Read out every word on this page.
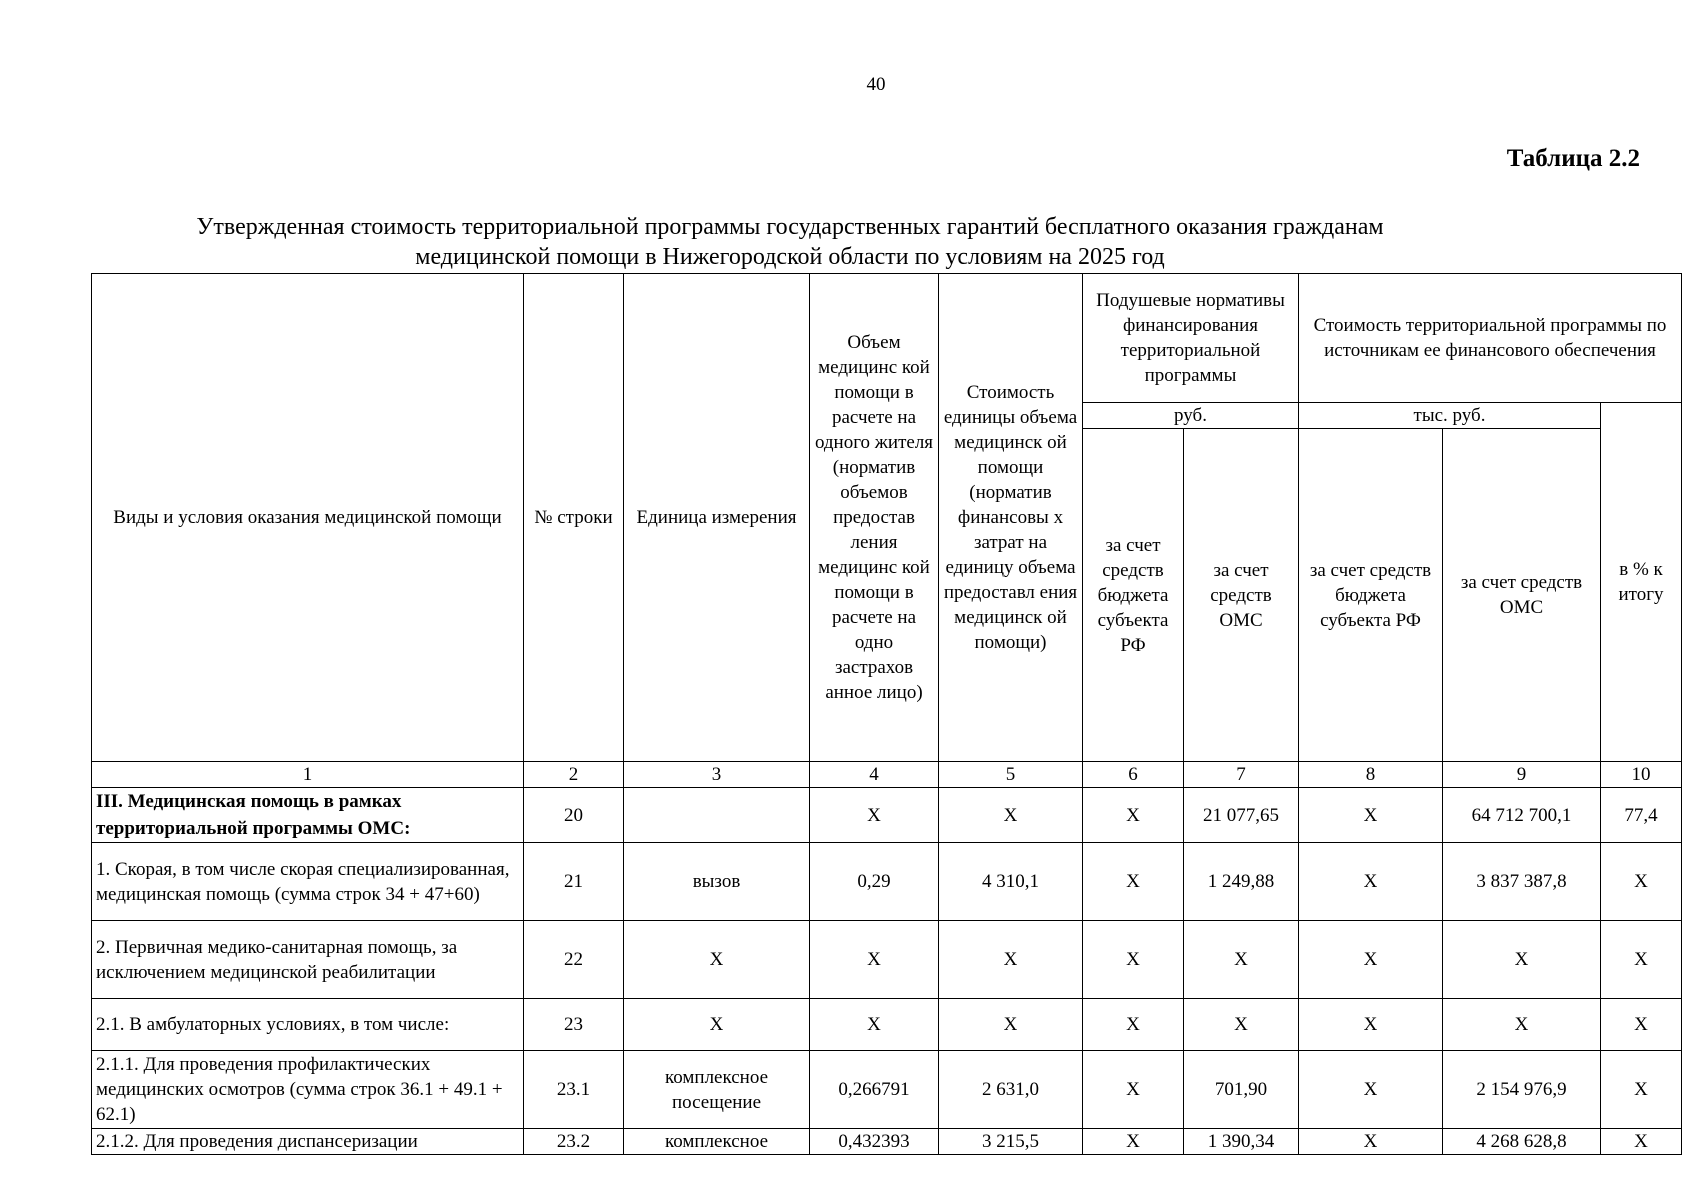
40
Таблица 2.2
Утвержденная стоимость территориальной программы государственных гарантий бесплатного оказания гражданам
медицинской помощи в Нижегородской области по условиям на 2025 год
Виды и условия оказания медицинской помощи	№ строки	Единица измерения	Объем медицинс кой помощи в расчете на одного жителя (норматив объемов предостав ления медицинс кой помощи в расчете на одно застрахов анное лицо)	Стоимость единицы объема медицинск ой помощи (норматив финансовы х затрат на единицу объема предоставл ения медицинск ой помощи)	Подушевые нормативы финансирования территориальной программы		Стоимость территориальной программы по источникам ее финансового обеспечения		
					руб.		тыс. руб.		в % к итогу
					за счет средств бюджета субъекта РФ	за счет средств ОМС	за счет средств бюджета субъекта РФ	за счет средств ОМС	

1	2	3	4	5	6	7	8	9	10
III. Медицинская помощь в рамках территориальной программы ОМС:	20		X	X	X	21 077,65	X	64 712 700,1	77,4
1. Скорая, в том числе скорая специализированная, медицинская помощь (сумма строк 34 + 47+60)	21	вызов	0,29	4 310,1	X	1 249,88	X	3 837 387,8	X
2. Первичная медико-санитарная помощь, за исключением медицинской реабилитации	22	X	X	X	X	X	X	X	X
2.1. В амбулаторных условиях, в том числе:	23	X	X	X	X	X	X	X	X
2.1.1. Для проведения профилактических медицинских осмотров (сумма строк 36.1 + 49.1 + 62.1)	23.1	комплексное посещение	0,266791	2 631,0	X	701,90	X	2 154 976,9	X
2.1.2. Для проведения диспансеризации	23.2	комплексное	0,432393	3 215,5	X	1 390,34	X	4 268 628,8	X
